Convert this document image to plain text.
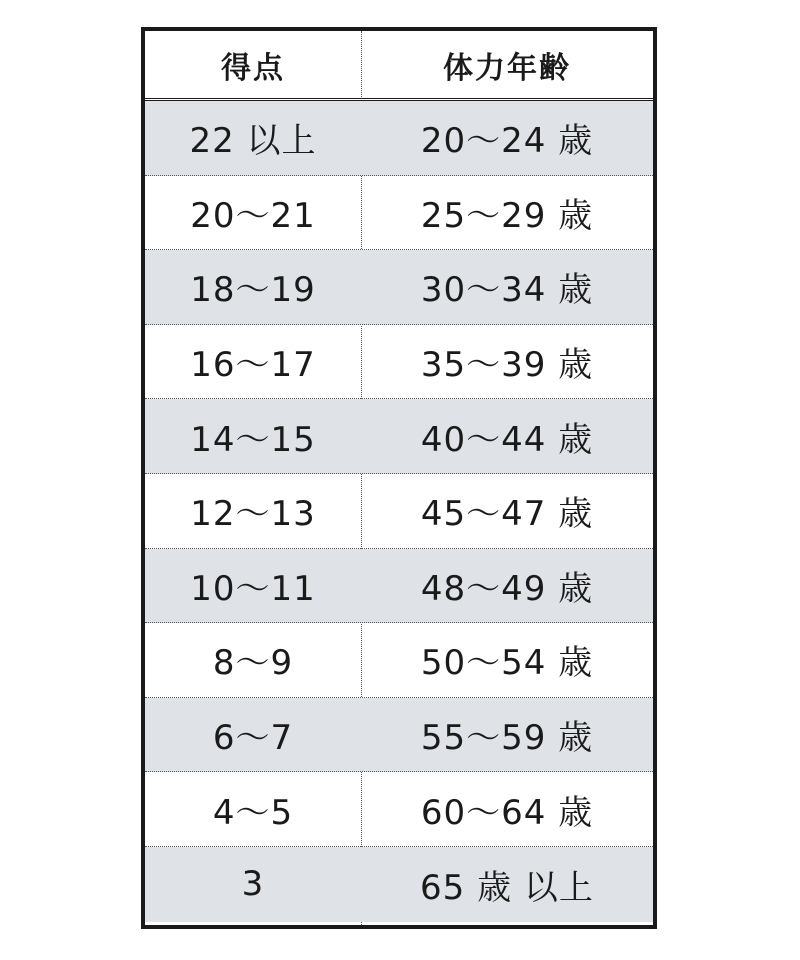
得点	体力年齢
22 以上	20～24 歳
20～21	25～29 歳
18～19	30～34 歳
16～17	35～39 歳
14～15	40～44 歳
12～13	45～47 歳
10～11	48～49 歳
8～9	50～54 歳
6～7	55～59 歳
4～5	60～64 歳
3	65 歳 以上
